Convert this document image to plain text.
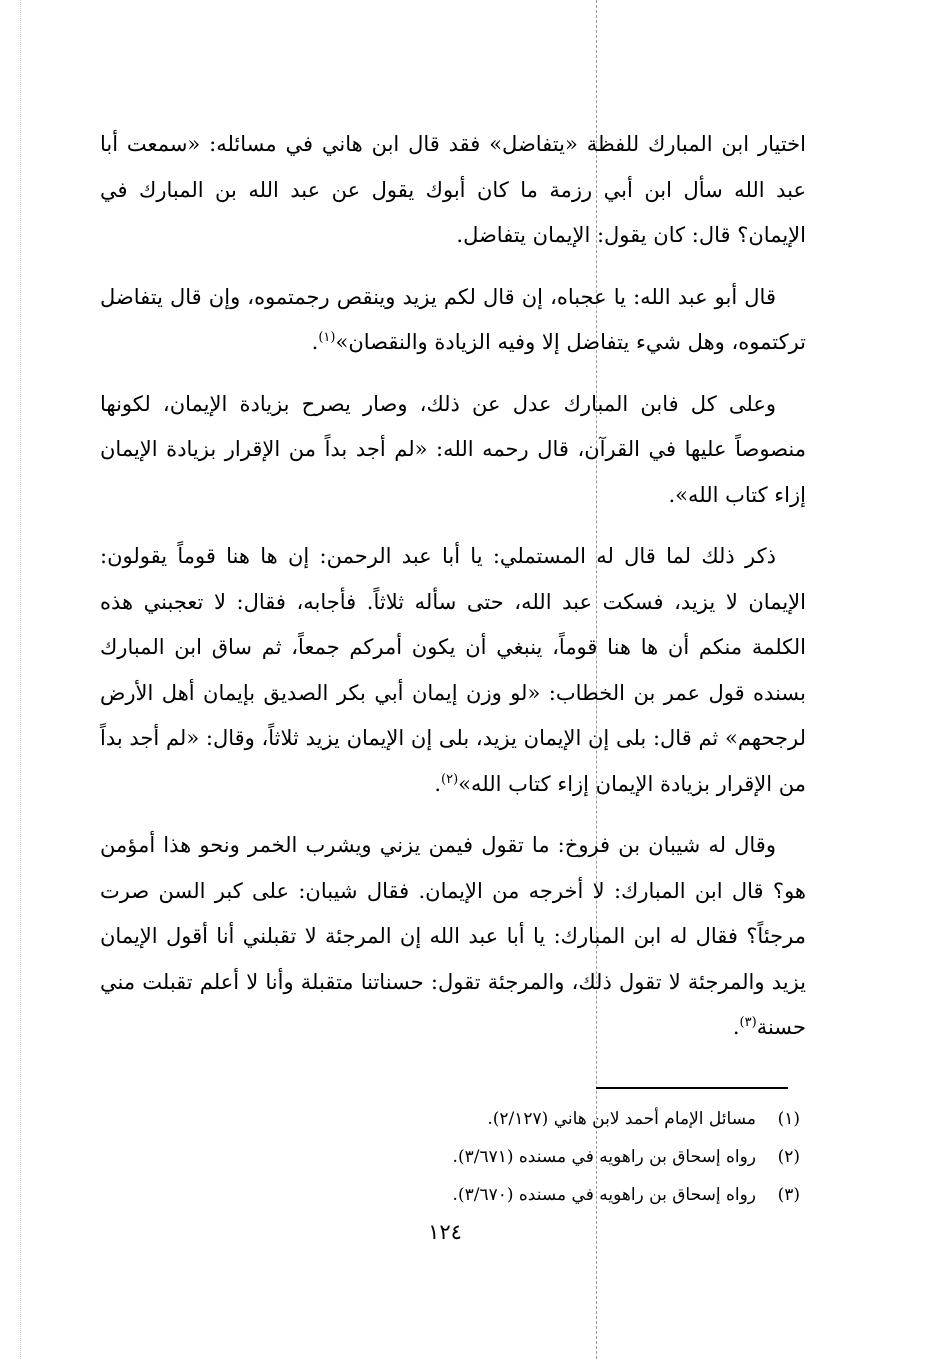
اختيار ابن المبارك للفظة «يتفاضل» فقد قال ابن هاني في مسائله: «سمعت أبا عبد الله سأل ابن أبي رزمة ما كان أبوك يقول عن عبد الله بن المبارك في الإيمان؟ قال: كان يقول: الإيمان يتفاضل.

قال أبو عبد الله: يا عجباه، إن قال لكم يزيد وينقص رجمتموه، وإن قال يتفاضل تركتموه، وهل شيء يتفاضل إلا وفيه الزيادة والنقصان»$^{(١)}$.

وعلى كل فابن المبارك عدل عن ذلك، وصار يصرح بزيادة الإيمان، لكونها منصوصاً عليها في القرآن، قال رحمه الله: «لم أجد بداً من الإقرار بزيادة الإيمان إزاء كتاب الله».

ذكر ذلك لما قال له المستملي: يا أبا عبد الرحمن: إن ها هنا قوماً يقولون: الإيمان لا يزيد، فسكت عبد الله، حتى سأله ثلاثاً. فأجابه، فقال: لا تعجبني هذه الكلمة منكم أن ها هنا قوماً، ينبغي أن يكون أمركم جمعاً، ثم ساق ابن المبارك بسنده قول عمر بن الخطاب: «لو وزن إيمان أبي بكر الصديق بإيمان أهل الأرض لرجحهم» ثم قال: بلى إن الإيمان يزيد، بلى إن الإيمان يزيد ثلاثاً، وقال: «لم أجد بداً من الإقرار بزيادة الإيمان إزاء كتاب الله»$^{(٢)}$.

وقال له شيبان بن فروخ: ما تقول فيمن يزني ويشرب الخمر ونحو هذا أمؤمن هو؟ قال ابن المبارك: لا أخرجه من الإيمان. فقال شيبان: على كبر السن صرت مرجئاً؟ فقال له ابن المبارك: يا أبا عبد الله إن المرجئة لا تقبلني أنا أقول الإيمان يزيد والمرجئة لا تقول ذلك، والمرجئة تقول: حسناتنا متقبلة وأنا لا أعلم تقبلت مني حسنة$^{(٣)}$.

(١)مسائل الإمام أحمد لابن هاني (٢/١٢٧).
(٢)رواه إسحاق بن راهويه في مسنده (٣/٦٧١).
(٣)رواه إسحاق بن راهويه في مسنده (٣/٦٧٠).
١٢٤
